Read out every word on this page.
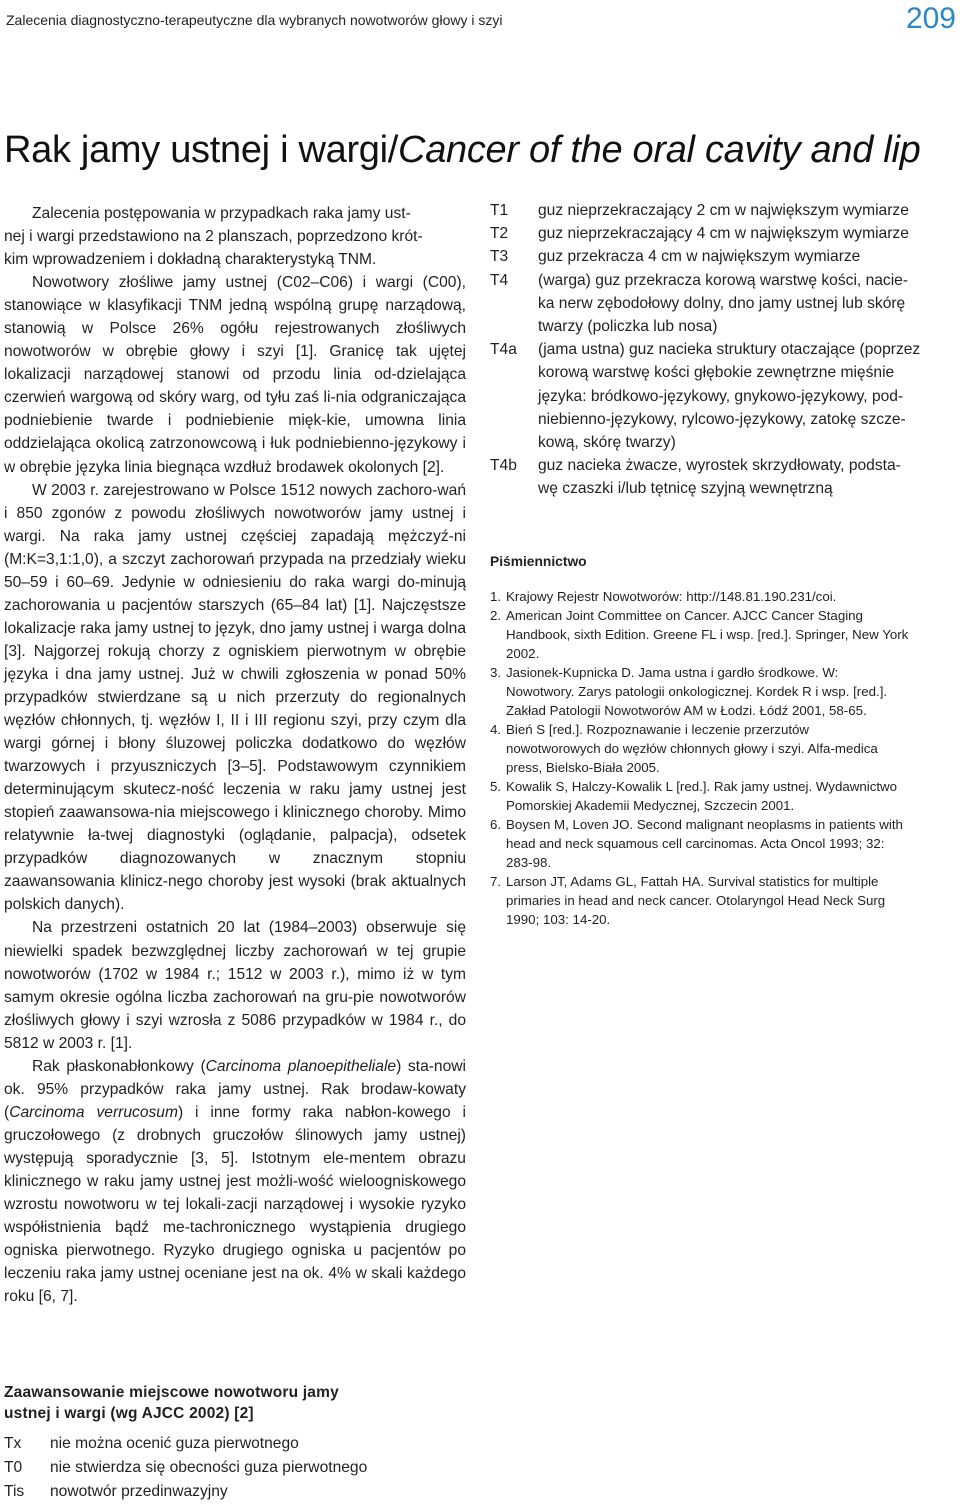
Zalecenia diagnostyczno-terapeutyczne dla wybranych nowotworów głowy i szyi	209
Rak jamy ustnej i wargi/Cancer of the oral cavity and lip

Zalecenia postępowania w przypadkach raka jamy ust-
nej i wargi przedstawiono na 2 planszach, poprzedzono krót-
kim wprowadzeniem i dokładną charakterystyką TNM.

Nowotwory złośliwe jamy ustnej (C02–C06) i wargi (C00), stanowiące w klasyfikacji TNM jedną wspólną grupę narządową, stanowią w Polsce 26% ogółu rejestrowanych złośliwych nowotworów w obrębie głowy i szyi [1]. Granicę tak ujętej lokalizacji narządowej stanowi od przodu linia od-dzielająca czerwień wargową od skóry warg, od tyłu zaś li-nia odgraniczająca podniebienie twarde i podniebienie mięk-kie, umowna linia oddzielająca okolicą zatrzonowcową i łuk podniebienno-językowy i w obrębie języka linia biegnąca wzdłuż brodawek okolonych [2].

W 2003 r. zarejestrowano w Polsce 1512 nowych zachoro-wań i 850 zgonów z powodu złośliwych nowotworów jamy ustnej i wargi. Na raka jamy ustnej częściej zapadają mężczyź-ni (M:K=3,1:1,0), a szczyt zachorowań przypada na przedziały wieku 50–59 i 60–69. Jedynie w odniesieniu do raka wargi do-minują zachorowania u pacjentów starszych (65–84 lat) [1]. Najczęstsze lokalizacje raka jamy ustnej to język, dno jamy ustnej i warga dolna [3]. Najgorzej rokują chorzy z ogniskiem pierwotnym w obrębie języka i dna jamy ustnej. Już w chwili zgłoszenia w ponad 50% przypadków stwierdzane są u nich przerzuty do regionalnych węzłów chłonnych, tj. węzłów I, II i III regionu szyi, przy czym dla wargi górnej i błony śluzowej policzka dodatkowo do węzłów twarzowych i przyuszniczych [3–5]. Podstawowym czynnikiem determinującym skutecz-ność leczenia w raku jamy ustnej jest stopień zaawansowa-nia miejscowego i klinicznego choroby. Mimo relatywnie ła-twej diagnostyki (oglądanie, palpacja), odsetek przypadków diagnozowanych w znacznym stopniu zaawansowania klinicz-nego choroby jest wysoki (brak aktualnych polskich danych).

Na przestrzeni ostatnich 20 lat (1984–2003) obserwuje się niewielki spadek bezwzględnej liczby zachorowań w tej grupie nowotworów (1702 w 1984 r.; 1512 w 2003 r.), mimo iż w tym samym okresie ogólna liczba zachorowań na gru-pie nowotworów złośliwych głowy i szyi wzrosła z 5086 przypadków w 1984 r., do 5812 w 2003 r. [1].

Rak płaskonabłonkowy (Carcinoma planoepitheliale) sta-nowi ok. 95% przypadków raka jamy ustnej. Rak brodaw-kowaty (Carcinoma verrucosum) i inne formy raka nabłon-kowego i gruczołowego (z drobnych gruczołów ślinowych jamy ustnej) występują sporadycznie [3, 5]. Istotnym ele-mentem obrazu klinicznego w raku jamy ustnej jest możli-wość wieloogniskowego wzrostu nowotworu w tej lokali-zacji narządowej i wysokie ryzyko współistnienia bądź me-tachronicznego wystąpienia drugiego ogniska pierwotnego. Ryzyko drugiego ogniska u pacjentów po leczeniu raka jamy ustnej oceniane jest na ok. 4% w skali każdego roku [6, 7].

Zaawansowanie miejscowe nowotworu jamy
ustnej i wargi (wg AJCC 2002) [2]
Tx	nie można ocenić guza pierwotnego
T0	nie stwierdza się obecności guza pierwotnego
Tis	nowotwór przedinwazyjny
T1	guz nieprzekraczający 2 cm w największym wymiarze
T2	guz nieprzekraczający 4 cm w największym wymiarze
T3	guz przekracza 4 cm w największym wymiarze
T4	(warga) guz przekracza korową warstwę kości, nacie-
ka nerw zębodołowy dolny, dno jamy ustnej lub skórę
twarzy (policzka lub nosa)
T4a	(jama ustna) guz nacieka struktury otaczające (poprzez
korową warstwę kości głębokie zewnętrzne mięśnie
języka: bródkowo-językowy, gnykowo-językowy, pod-
niebienno-językowy, rylcowo-językowy, zatokę szcze-
kową, skórę twarzy)
T4b	guz nacieka żwacze, wyrostek skrzydłowaty, podsta-
wę czaszki i/lub tętnicę szyjną wewnętrzną
Piśmiennictwo
1. Krajowy Rejestr Nowotworów: http://148.81.190.231/coi.
2. American Joint Committee on Cancer. AJCC Cancer Staging
Handbook, sixth Edition. Greene FL i wsp. [red.]. Springer, New York
2002.
3. Jasionek-Kupnicka D. Jama ustna i gardło środkowe. W:
Nowotwory. Zarys patologii onkologicznej. Kordek R i wsp. [red.].
Zakład Patologii Nowotworów AM w Łodzi. Łódź 2001, 58-65.
4. Bień S [red.]. Rozpoznawanie i leczenie przerzutów
nowotworowych do węzłów chłonnych głowy i szyi. Alfa-medica
press, Bielsko-Biała 2005.
5. Kowalik S, Halczy-Kowalik L [red.]. Rak jamy ustnej. Wydawnictwo
Pomorskiej Akademii Medycznej, Szczecin 2001.
6. Boysen M, Loven JO. Second malignant neoplasms in patients with
head and neck squamous cell carcinomas. Acta Oncol 1993; 32:
283-98.
7. Larson JT, Adams GL, Fattah HA. Survival statistics for multiple
primaries in head and neck cancer. Otolaryngol Head Neck Surg
1990; 103: 14-20.
